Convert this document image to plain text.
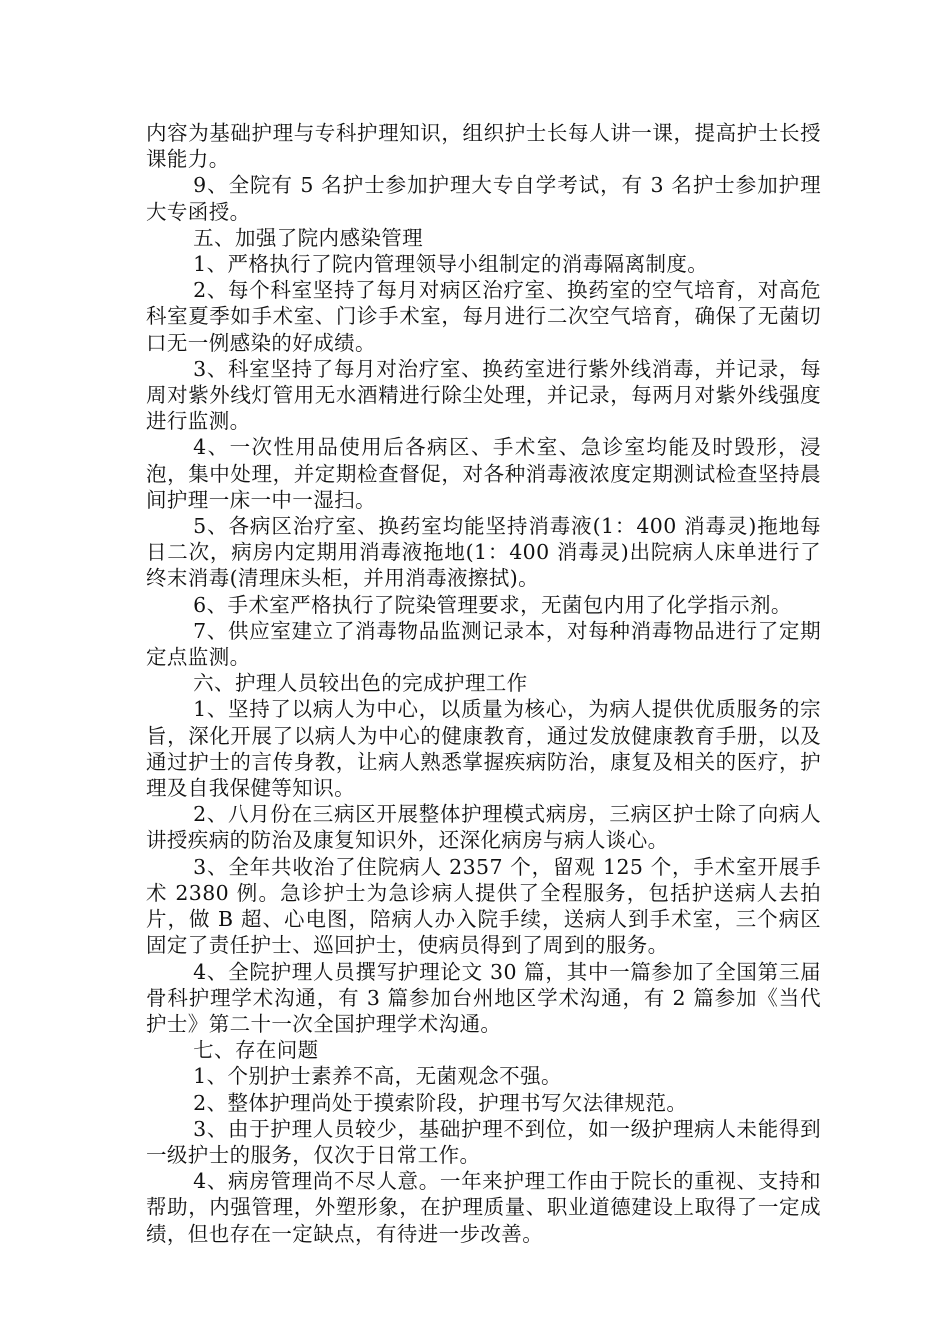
内容为基础护理与专科护理知识，组织护士长每人讲一课，提高护士长授课能力。

9、全院有 5 名护士参加护理大专自学考试，有 3 名护士参加护理大专函授。

五、加强了院内感染管理

1、严格执行了院内管理领导小组制定的消毒隔离制度。

2、每个科室坚持了每月对病区治疗室、换药室的空气培育，对高危科室夏季如手术室、门诊手术室，每月进行二次空气培育，确保了无菌切口无一例感染的好成绩。

3、科室坚持了每月对治疗室、换药室进行紫外线消毒，并记录，每周对紫外线灯管用无水酒精进行除尘处理，并记录，每两月对紫外线强度进行监测。

4、一次性用品使用后各病区、手术室、急诊室均能及时毁形，浸泡，集中处理，并定期检查督促，对各种消毒液浓度定期测试检查坚持晨间护理一床一中一湿扫。

5、各病区治疗室、换药室均能坚持消毒液(1：400 消毒灵)拖地每日二次，病房内定期用消毒液拖地(1：400 消毒灵)出院病人床单进行了终末消毒(清理床头柜，并用消毒液擦拭)。

6、手术室严格执行了院染管理要求，无菌包内用了化学指示剂。

7、供应室建立了消毒物品监测记录本，对每种消毒物品进行了定期定点监测。

六、护理人员较出色的完成护理工作

1、坚持了以病人为中心，以质量为核心，为病人提供优质服务的宗旨，深化开展了以病人为中心的健康教育，通过发放健康教育手册，以及通过护士的言传身教，让病人熟悉掌握疾病防治，康复及相关的医疗，护理及自我保健等知识。

2、八月份在三病区开展整体护理模式病房，三病区护士除了向病人讲授疾病的防治及康复知识外，还深化病房与病人谈心。

3、全年共收治了住院病人 2357 个，留观 125 个，手术室开展手术 2380 例。急诊护士为急诊病人提供了全程服务，包括护送病人去拍片，做 B 超、心电图，陪病人办入院手续，送病人到手术室，三个病区固定了责任护士、巡回护士，使病员得到了周到的服务。

4、全院护理人员撰写护理论文 30 篇，其中一篇参加了全国第三届骨科护理学术沟通，有 3 篇参加台州地区学术沟通，有 2 篇参加《当代护士》第二十一次全国护理学术沟通。

七、存在问题

1、个别护士素养不高，无菌观念不强。

2、整体护理尚处于摸索阶段，护理书写欠法律规范。

3、由于护理人员较少，基础护理不到位，如一级护理病人未能得到一级护士的服务，仅次于日常工作。

4、病房管理尚不尽人意。一年来护理工作由于院长的重视、支持和帮助，内强管理，外塑形象，在护理质量、职业道德建设上取得了一定成绩，但也存在一定缺点，有待进一步改善。
